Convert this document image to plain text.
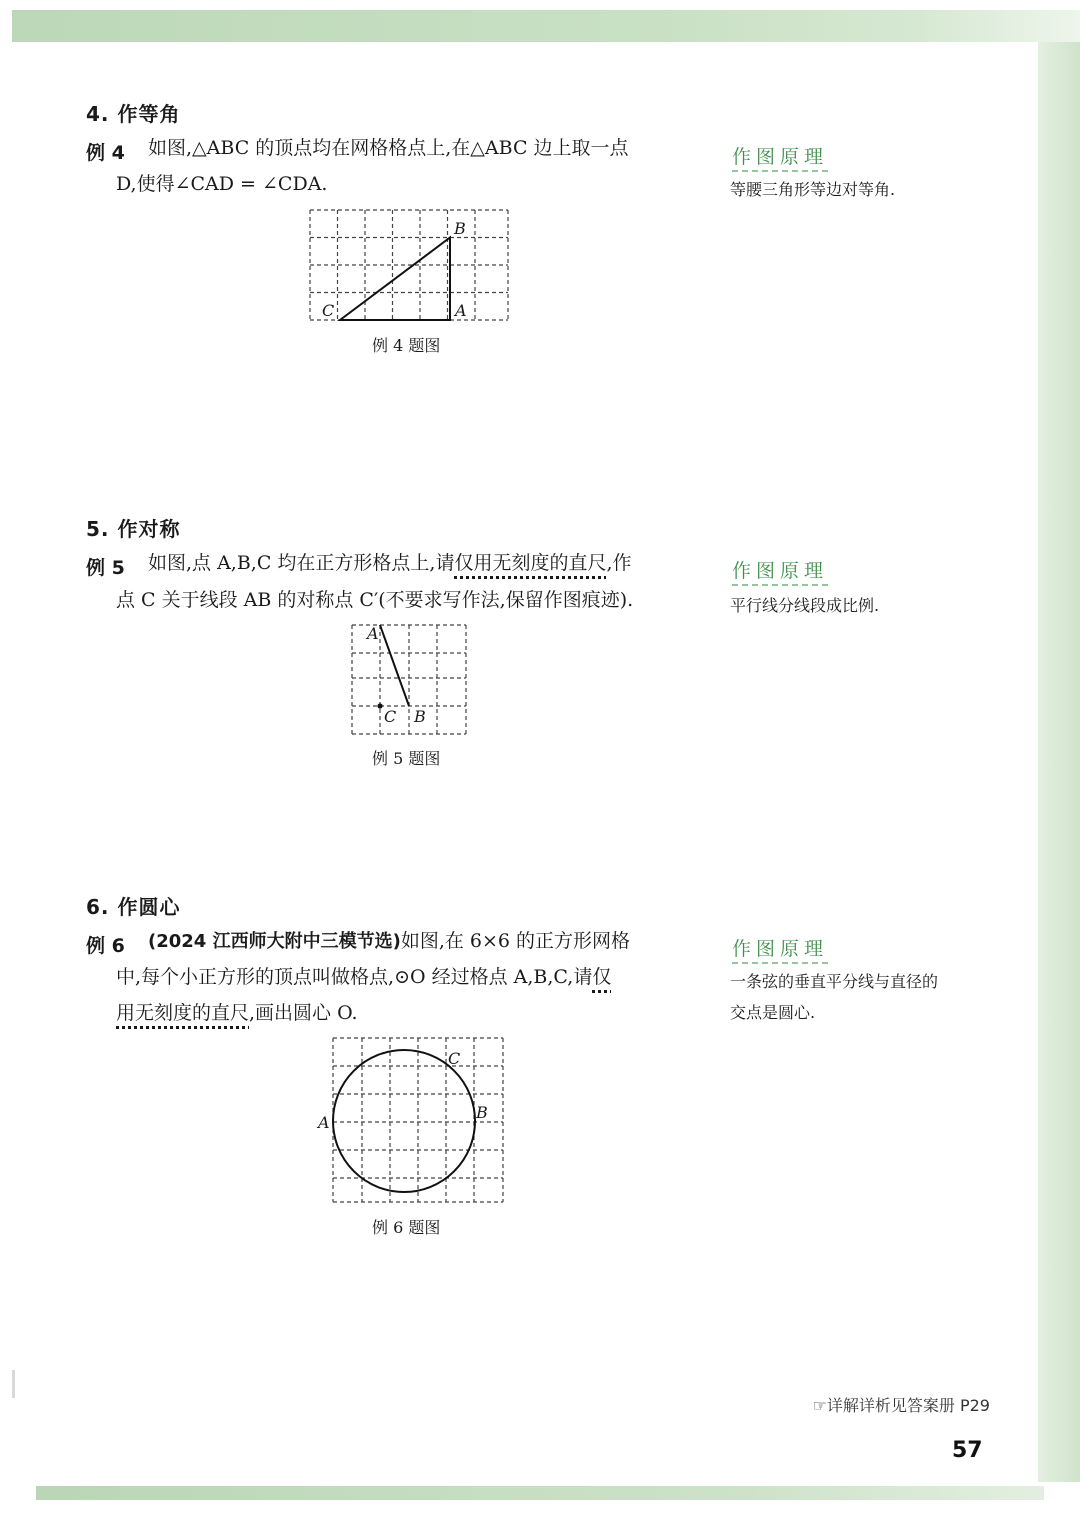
4. 作等角
例 4 如图,△ABC 的顶点均在网格格点上,在△ABC 边上取一点
D,使得∠CAD = ∠CDA.
作图原理
等腰三角形等边对等角.
B
C	A
例 4 题图
5. 作对称
例 5 如图,点 A,B,C 均在正方形格点上,请仅用无刻度的直尺,作
点 C 关于线段 AB 的对称点 C′(不要求写作法,保留作图痕迹).
作图原理
平行线分线段成比例.
A
C B
例 5 题图
6. 作圆心
例 6 (2024 江西师大附中三模节选)如图,在 6×6 的正方形网格
中,每个小正方形的顶点叫做格点,⊙O 经过格点 A,B,C,请仅
用无刻度的直尺,画出圆心 O.
作图原理
一条弦的垂直平分线与直径的
交点是圆心.
C
B
A
例 6 题图
☞详解详析见答案册 P29
57
